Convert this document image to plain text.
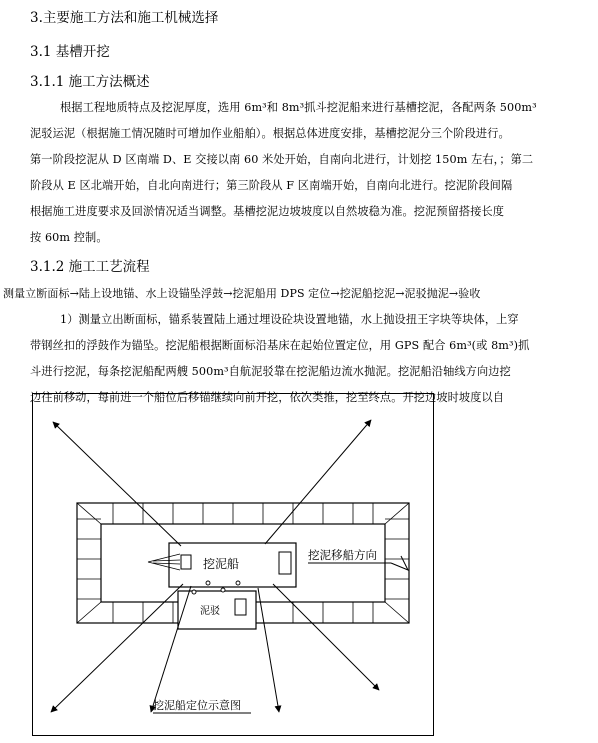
3.主要施工方法和施工机械选择
3.1 基槽开挖
3.1.1 施工方法概述
根据工程地质特点及挖泥厚度，选用 6m³和 8m³抓斗挖泥船来进行基槽挖泥，各配两条 500m³
泥驳运泥（根据施工情况随时可增加作业船舶）。根据总体进度安排，基槽挖泥分三个阶段进行。
第一阶段挖泥从 D 区南端 D、E 交接以南 60 米处开始，自南向北进行，计划挖 150m 左右，；第二
阶段从 E 区北端开始，自北向南进行；第三阶段从 F 区南端开始，自南向北进行。挖泥阶段间隔
根据施工进度要求及回淤情况适当调整。基槽挖泥边坡坡度以自然坡稳为准。挖泥预留搭接长度
按 60m 控制。
3.1.2 施工工艺流程
测量立断面标→陆上设地锚、水上设锚坠浮鼓→挖泥船用 DPS 定位→挖泥船挖泥→泥驳抛泥→验收
1）测量立出断面标，锚系装置陆上通过埋设砼块设置地锚，水上抛设扭王字块等块体，上穿
带钢丝扣的浮鼓作为锚坠。挖泥船根据断面标沿基床在起始位置定位，用 GPS 配合 6m³(或 8m³)抓
斗进行挖泥，每条挖泥船配两艘 500m³自航泥驳靠在挖泥船边流水抛泥。挖泥船沿轴线方向边挖
边往前移动，每前进一个船位后移锚继续向前开挖，依次类推，挖至终点。开挖边坡时坡度以自
挖泥船
泥驳
挖泥移船方向
挖泥船定位示意图
